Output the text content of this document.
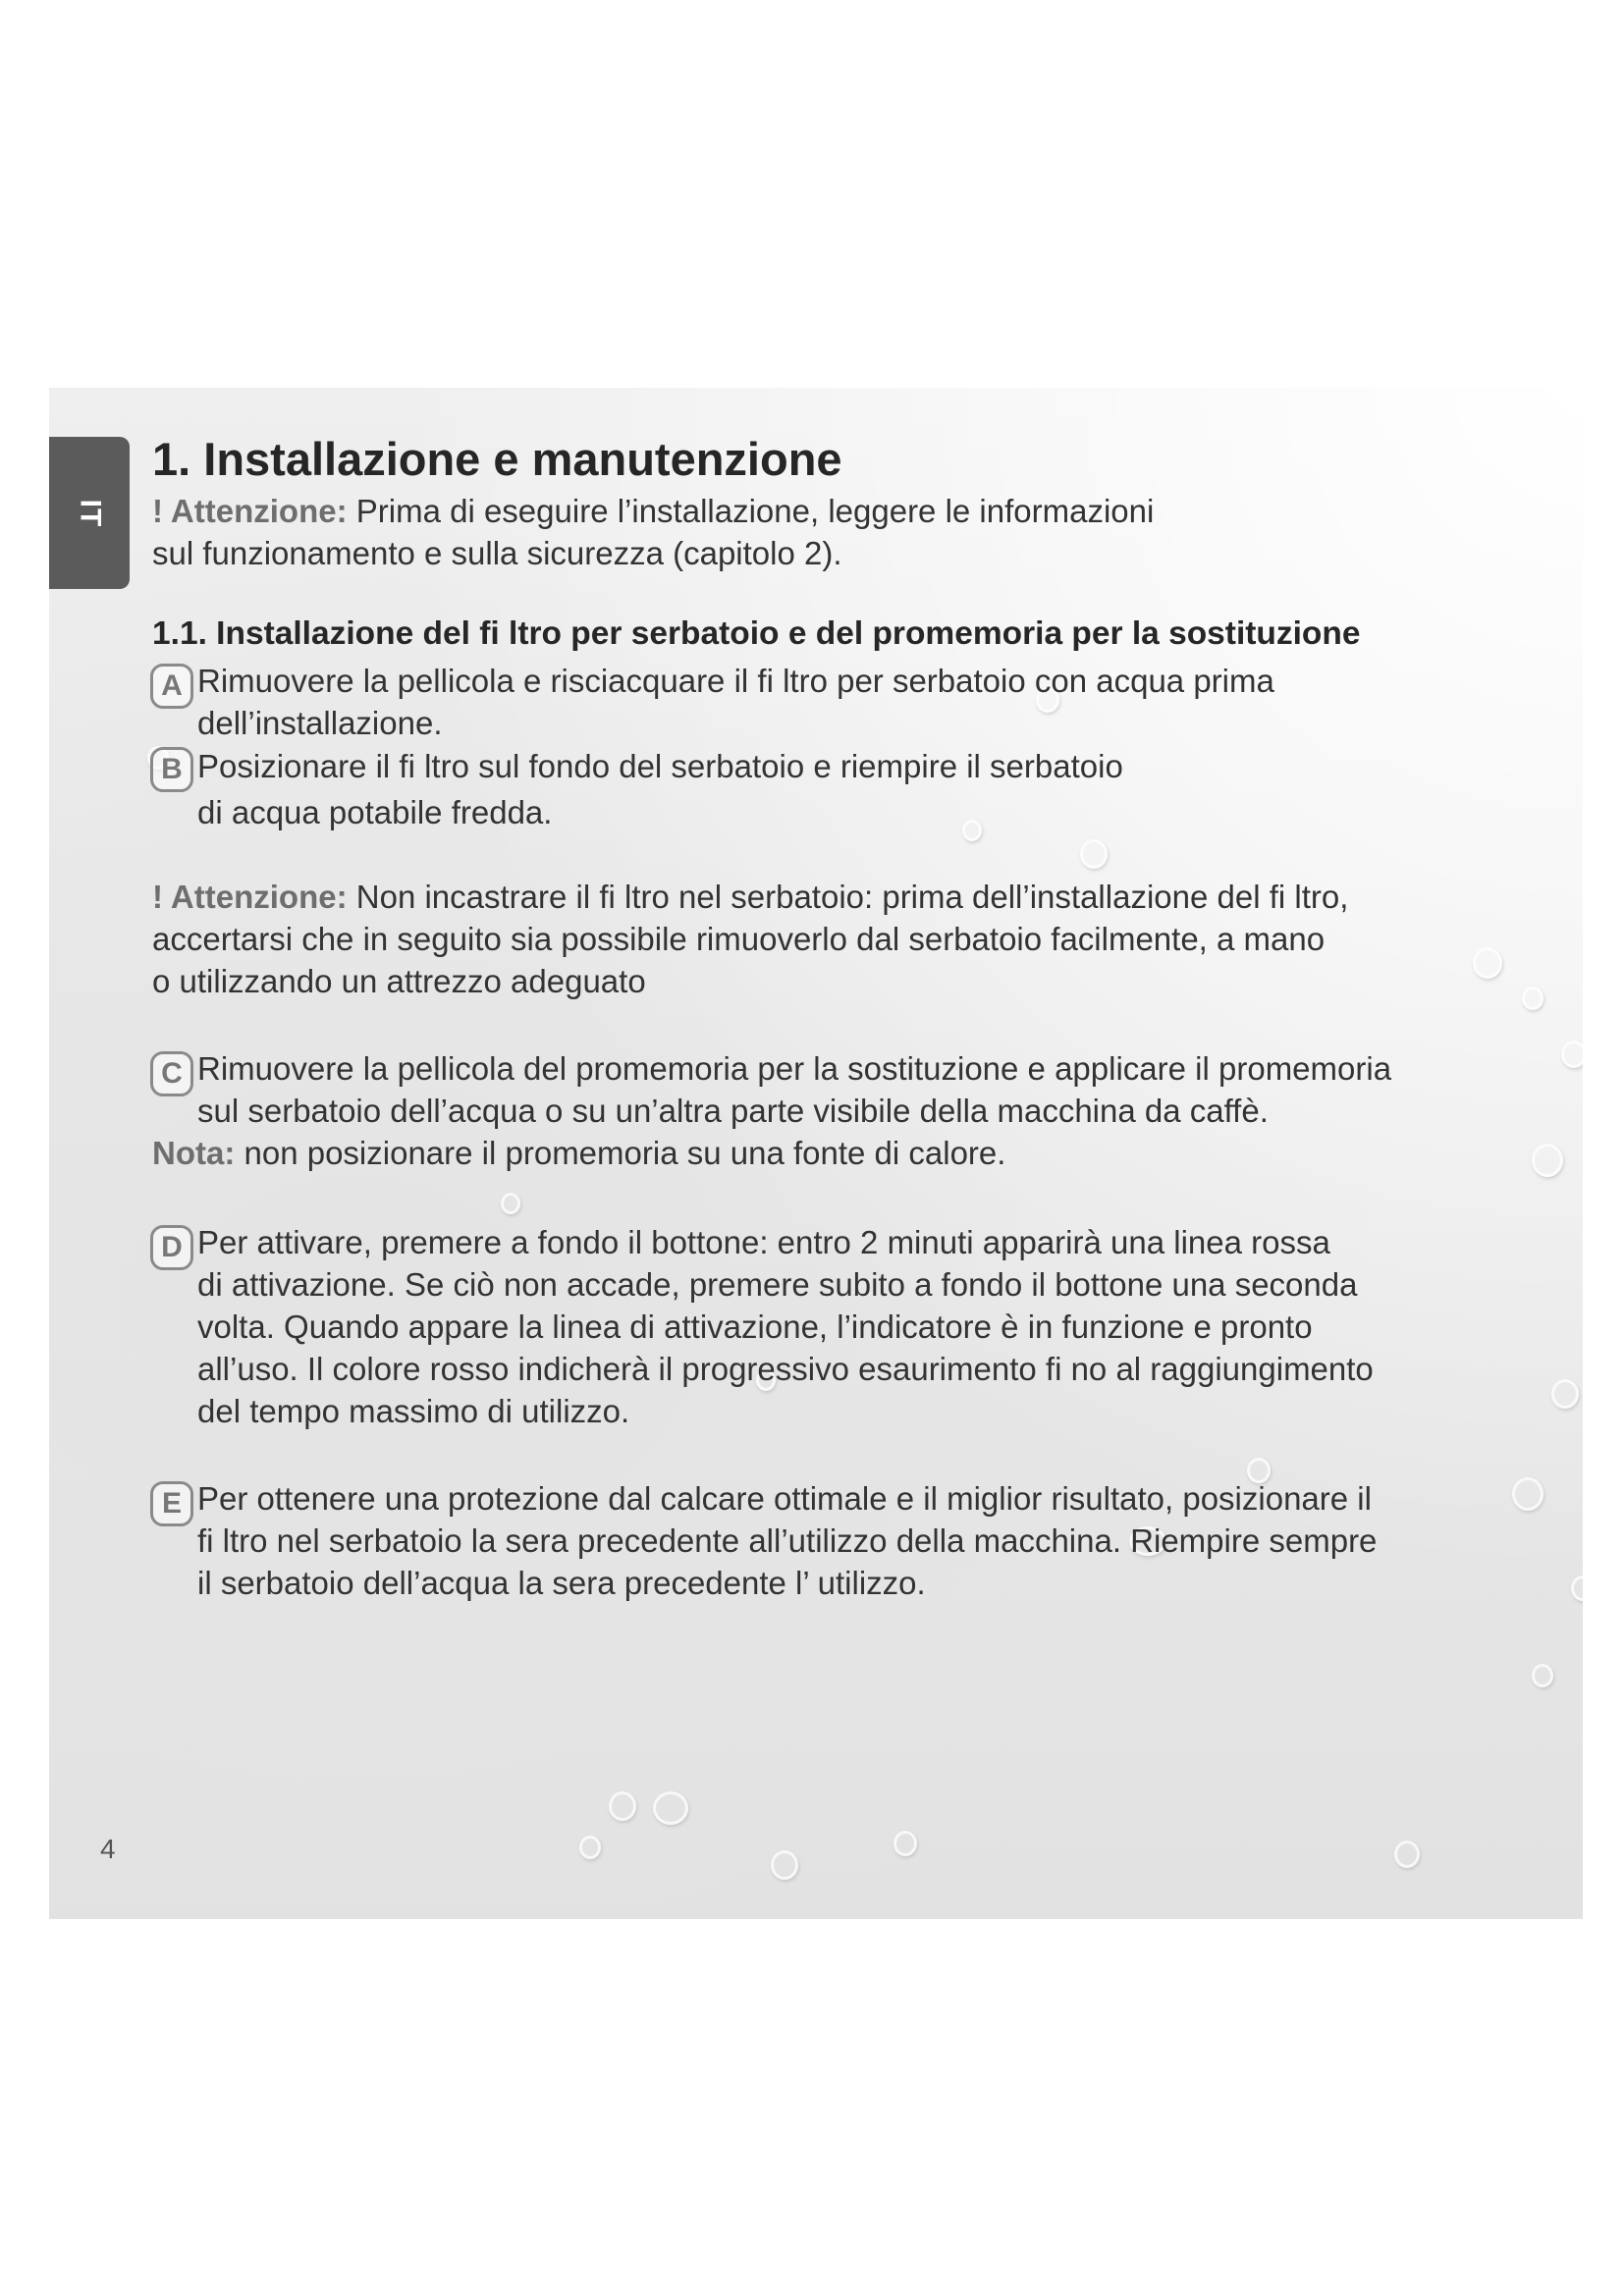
IT
1. Installazione e manutenzione

! Attenzione: Prima di eseguire l’installazione, leggere le informazioni
sul funzionamento e sulla sicurezza (capitolo 2).

1.1. Installazione del fi ltro per serbatoio e del promemoria per la sostituzione
A Rimuovere la pellicola e risciacquare il fi ltro per serbatoio con acqua prima
dell’installazione.

B Posizionare il fi ltro sul fondo del serbatoio e riempire il serbatoio
di acqua potabile fredda.

! Attenzione: Non incastrare il fi ltro nel serbatoio: prima dell’installazione del fi ltro,
accertarsi che in seguito sia possibile rimuoverlo dal serbatoio facilmente, a mano
o utilizzando un attrezzo adeguato

C Rimuovere la pellicola del promemoria per la sostituzione e applicare il promemoria
sul serbatoio dell’acqua o su un’altra parte visibile della macchina da caffè.

Nota: non posizionare il promemoria su una fonte di calore.

D Per attivare, premere a fondo il bottone: entro 2 minuti apparirà una linea rossa
di attivazione. Se ciò non accade, premere subito a fondo il bottone una seconda
volta. Quando appare la linea di attivazione, l’indicatore è in funzione e pronto
all’uso. Il colore rosso indicherà il progressivo esaurimento fi no al raggiungimento
del tempo massimo di utilizzo.

E Per ottenere una protezione dal calcare ottimale e il miglior risultato, posizionare il
fi ltro nel serbatoio la sera precedente all’utilizzo della macchina. Riempire sempre
il serbatoio dell’acqua la sera precedente l’ utilizzo.

4
